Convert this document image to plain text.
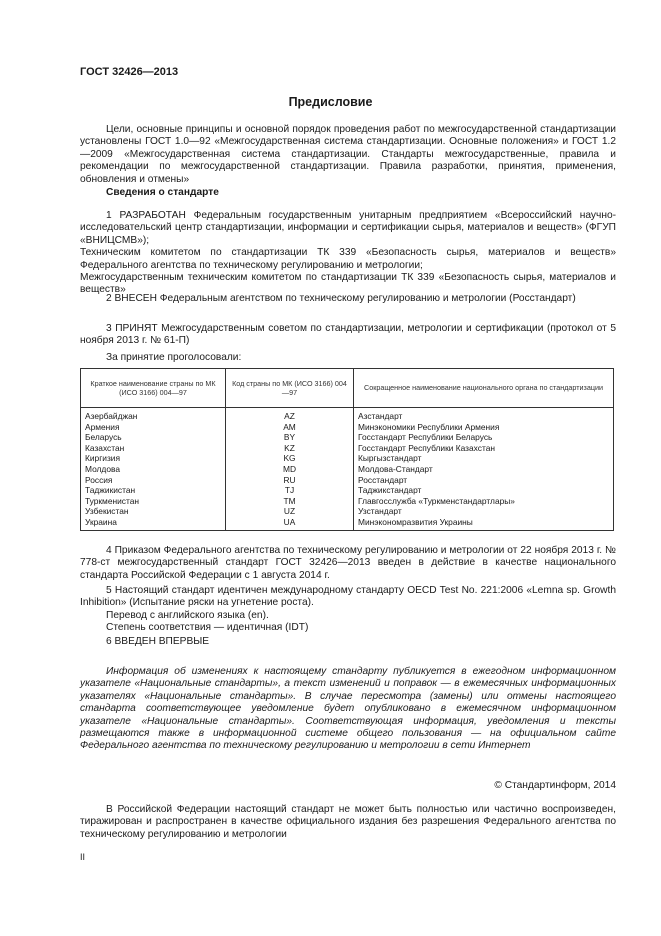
ГОСТ 32426—2013
Предисловие

Цели, основные принципы и основной порядок проведения работ по межгосударственной стандартизации установлены ГОСТ 1.0—92 «Межгосударственная система стандартизации. Основные положения» и ГОСТ 1.2—2009 «Межгосударственная система стандартизации. Стандарты межгосударственные, правила и рекомендации по межгосударственной стандартизации. Правила разработки, принятия, применения, обновления и отмены»

Сведения о стандарте

1 РАЗРАБОТАН Федеральным государственным унитарным предприятием «Всероссийский научно-исследовательский центр стандартизации, информации и сертификации сырья, материалов и веществ» (ФГУП «ВНИЦСМВ»);

Техническим комитетом по стандартизации ТК 339 «Безопасность сырья, материалов и веществ» Федерального агентства по техническому регулированию и метрологии;

Межгосударственным техническим комитетом по стандартизации ТК 339 «Безопасность сырья, материалов и веществ»

2 ВНЕСЕН Федеральным агентством по техническому регулированию и метрологии (Росстандарт)

3 ПРИНЯТ Межгосударственным советом по стандартизации, метрологии и сертификации (протокол от 5 ноября 2013 г. № 61-П)

За принятие проголосовали:

Краткое наименование страны по МК (ИСО 3166) 004—97	Код страны по МК (ИСО 3166) 004—97	Сокращенное наименование национального органа по стандартизации
Азербайджан	AZ	Азстандарт
Армения	AM	Минэкономики Республики Армения
Беларусь	BY	Госстандарт Республики Беларусь
Казахстан	KZ	Госстандарт Республики Казахстан
Киргизия	KG	Кыргызстандарт
Молдова	MD	Молдова-Стандарт
Россия	RU	Росстандарт
Таджикистан	TJ	Таджикстандарт
Туркменистан	TM	Главгосслужба «Туркменстандартлары»
Узбекистан	UZ	Узстандарт
Украина	UA	Минэкономразвития Украины

4 Приказом Федерального агентства по техническому регулированию и метрологии от 22 ноября 2013 г. № 778-ст межгосударственный стандарт ГОСТ 32426—2013 введен в действие в качестве национального стандарта Российской Федерации с 1 августа 2014 г.

5 Настоящий стандарт идентичен международному стандарту OECD Test No. 221:2006 «Lemna sp. Growth Inhibition» (Испытание ряски на угнетение роста).

Перевод с английского языка (en).

Степень соответствия — идентичная (IDT)

6 ВВЕДЕН ВПЕРВЫЕ

Информация об изменениях к настоящему стандарту публикуется в ежегодном информационном указателе «Национальные стандарты», а текст изменений и поправок — в ежемесячных информационных указателях «Национальные стандарты». В случае пересмотра (замены) или отмены настоящего стандарта соответствующее уведомление будет опубликовано в ежемесячном информационном указателе «Национальные стандарты». Соответствующая информация, уведомления и тексты размещаются также в информационной системе общего пользования — на официальном сайте Федерального агентства по техническому регулированию и метрологии в сети Интернет

© Стандартинформ, 2014

В Российской Федерации настоящий стандарт не может быть полностью или частично воспроизведен, тиражирован и распространен в качестве официального издания без разрешения Федерального агентства по техническому регулированию и метрологии

II
